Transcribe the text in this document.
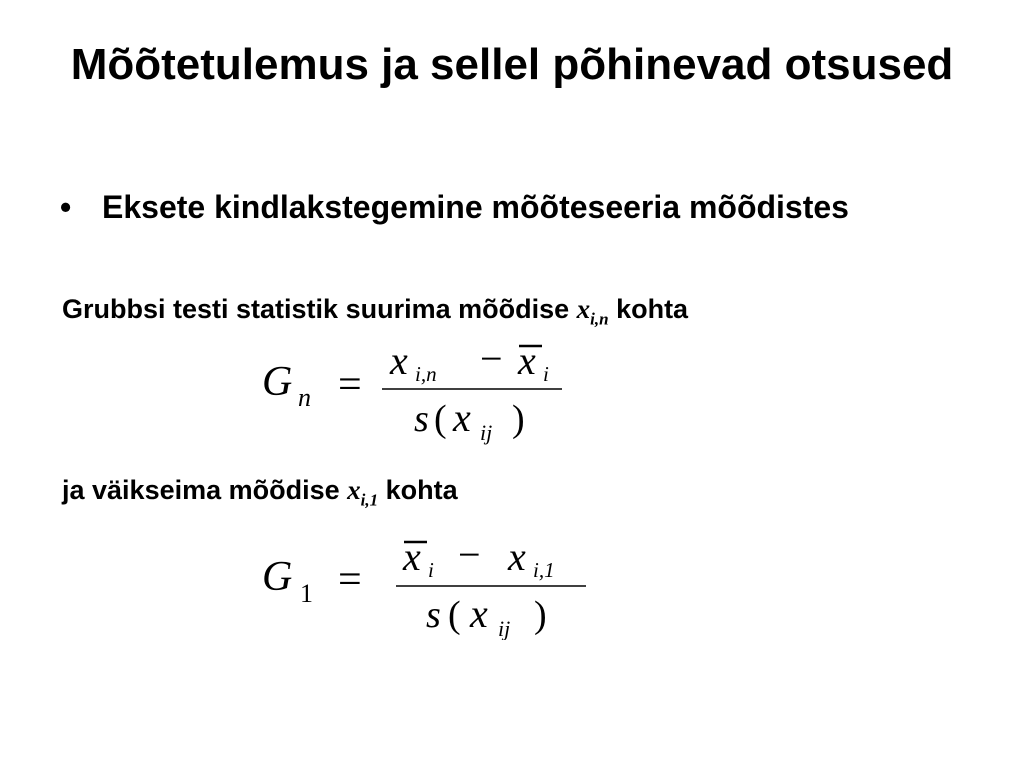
Mõõtetulemus ja sellel põhinevad otsused
• Eksete kindlakstegemine mõõteseeria mõõdistes
Grubbsi testi statistik suurima mõõdise $x_{i,n}$ kohta
ja väikseima mõõdise $x_{i,1}$ kohta
G n =
x i,n − x i
s ( x ij )
G 1 =
x i − x i,1
s ( x ij )
